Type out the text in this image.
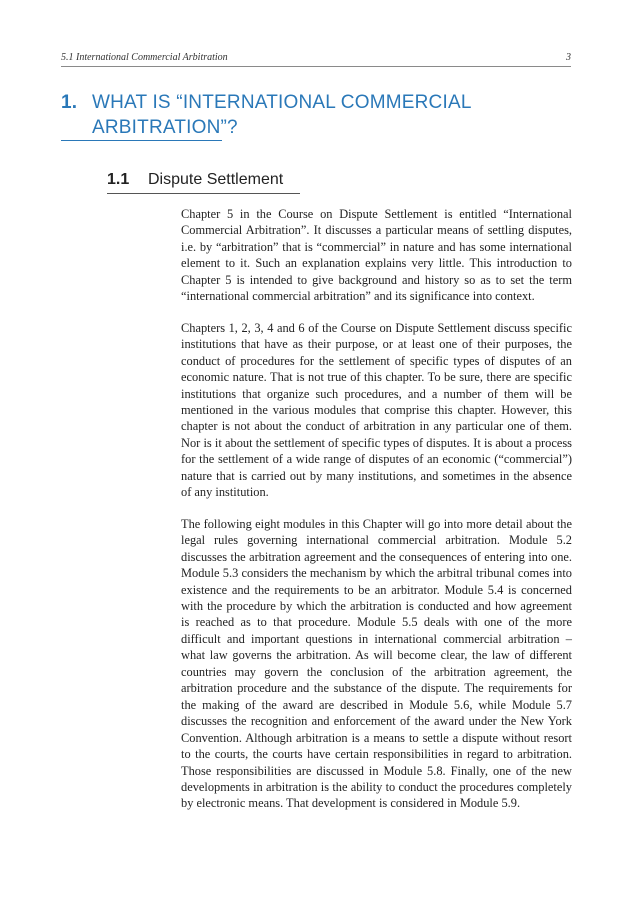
5.1 International Commercial Arbitration	3
1. WHAT IS “INTERNATIONAL COMMERCIAL
ARBITRATION”?
1.1 Dispute Settlement

Chapter 5 in the Course on Dispute Settlement is entitled “International Commercial Arbitration”. It discusses a particular means of settling disputes, i.e. by “arbitration” that is “commercial” in nature and has some international element to it. Such an explanation explains very little. This introduction to Chapter 5 is intended to give background and history so as to set the term “international commercial arbitration” and its significance into context.

Chapters 1, 2, 3, 4 and 6 of the Course on Dispute Settlement discuss specific institutions that have as their purpose, or at least one of their purposes, the conduct of procedures for the settlement of specific types of disputes of an economic nature. That is not true of this chapter. To be sure, there are specific institutions that organize such procedures, and a number of them will be mentioned in the various modules that comprise this chapter. However, this chapter is not about the conduct of arbitration in any particular one of them. Nor is it about the settlement of specific types of disputes. It is about a process for the settlement of a wide range of disputes of an economic (“commercial”) nature that is carried out by many institutions, and sometimes in the absence of any institution.

The following eight modules in this Chapter will go into more detail about the legal rules governing international commercial arbitration. Module 5.2 discusses the arbitration agreement and the consequences of entering into one. Module 5.3 considers the mechanism by which the arbitral tribunal comes into existence and the requirements to be an arbitrator. Module 5.4 is concerned with the procedure by which the arbitration is conducted and how agreement is reached as to that procedure. Module 5.5 deals with one of the more difficult and important questions in international commercial arbitration – what law governs the arbitration. As will become clear, the law of different countries may govern the conclusion of the arbitration agreement, the arbitration procedure and the substance of the dispute. The requirements for the making of the award are described in Module 5.6, while Module 5.7 discusses the recognition and enforcement of the award under the New York Convention. Although arbitration is a means to settle a dispute without resort to the courts, the courts have certain responsibilities in regard to arbitration. Those responsibilities are discussed in Module 5.8. Finally, one of the new developments in arbitration is the ability to conduct the procedures completely by electronic means. That development is considered in Module 5.9.
